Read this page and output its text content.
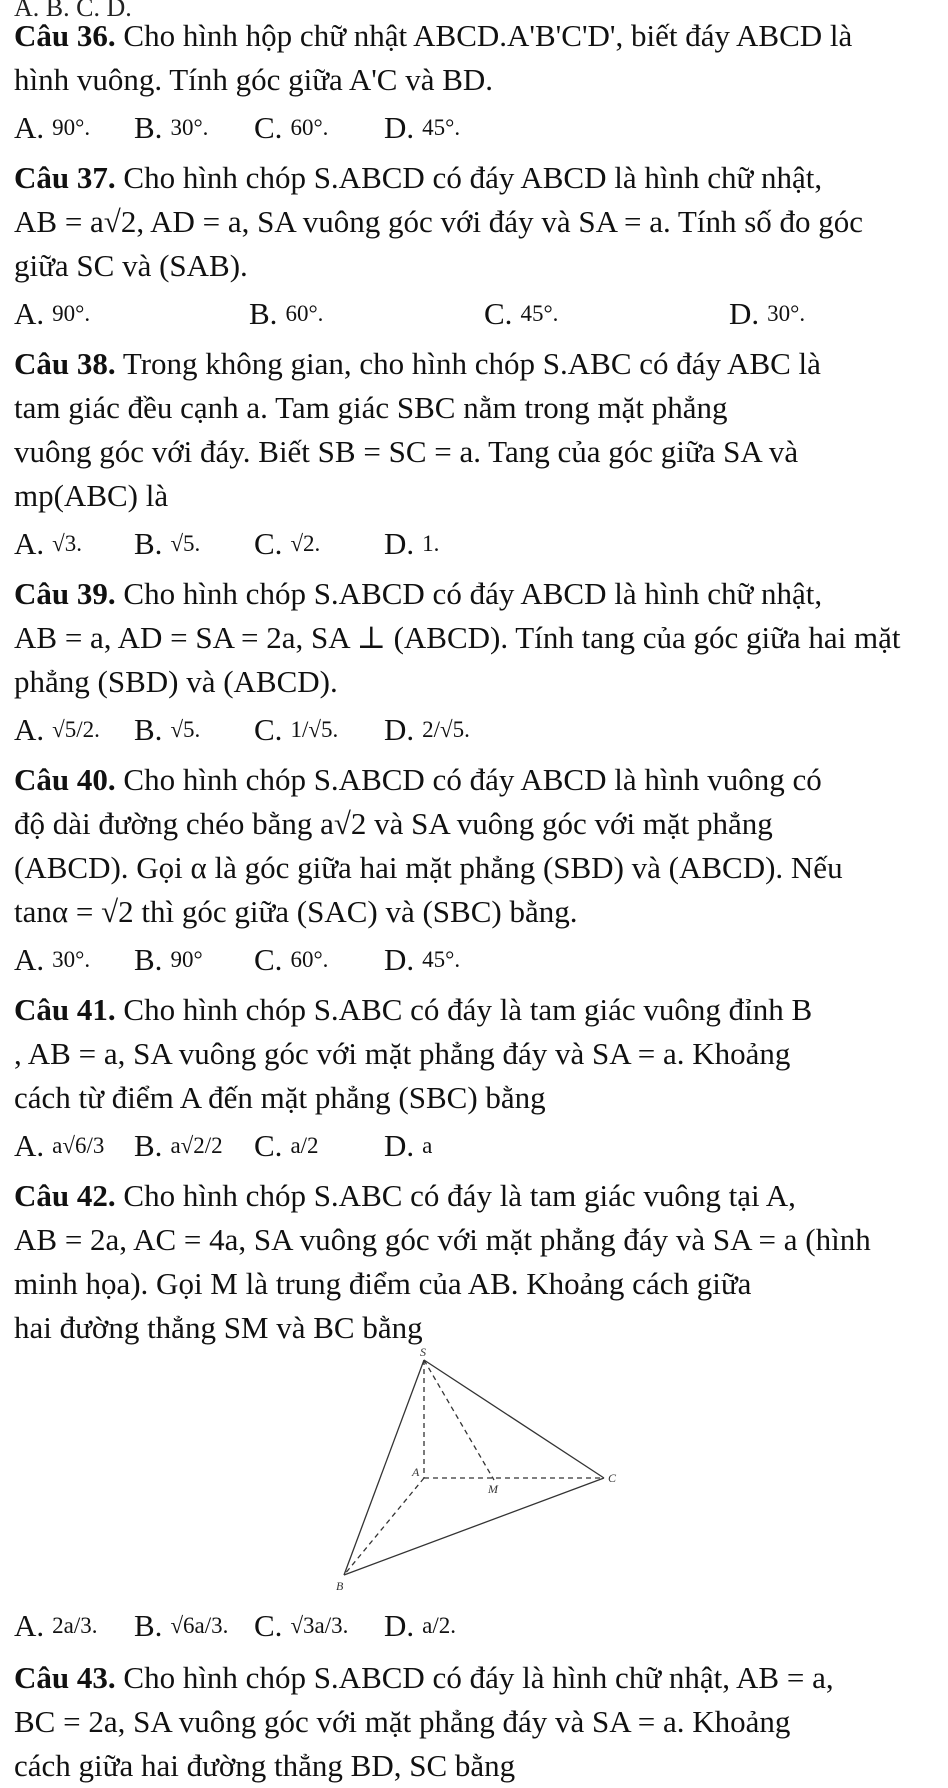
A. B. C. D.
Câu 36. Cho hình hộp chữ nhật ABCD.A'B'C'D', biết đáy ABCD là
hình vuông. Tính góc giữa A'C và BD.
A. 90°. B. 30°. C. 60°. D. 45°.
Câu 37. Cho hình chóp S.ABCD có đáy ABCD là hình chữ nhật,
AB = a√2, AD = a, SA vuông góc với đáy và SA = a. Tính số đo góc
giữa SC và (SAB).
A. 90°.	B. 60°.	C. 45°.	D. 30°.
Câu 38. Trong không gian, cho hình chóp S.ABC có đáy ABC là
tam giác đều cạnh a. Tam giác SBC nằm trong mặt phẳng
vuông góc với đáy. Biết SB = SC = a. Tang của góc giữa SA và
mp(ABC) là
A. √3. B. √5. C. √2. D. 1.
Câu 39. Cho hình chóp S.ABCD có đáy ABCD là hình chữ nhật,
AB = a, AD = SA = 2a, SA ⊥ (ABCD). Tính tang của góc giữa hai mặt
phẳng (SBD) và (ABCD).
A. √5/2. B. √5. C. 1/√5. D. 2/√5.
Câu 40. Cho hình chóp S.ABCD có đáy ABCD là hình vuông có
độ dài đường chéo bằng a√2 và SA vuông góc với mặt phẳng
(ABCD). Gọi α là góc giữa hai mặt phẳng (SBD) và (ABCD). Nếu
tanα = √2 thì góc giữa (SAC) và (SBC) bằng.
A. 30°. B. 90° C. 60°. D. 45°.
Câu 41. Cho hình chóp S.ABC có đáy là tam giác vuông đỉnh B
, AB = a, SA vuông góc với mặt phẳng đáy và SA = a. Khoảng
cách từ điểm A đến mặt phẳng (SBC) bằng
A. a√6/3 B. a√2/2 C. a/2 D. a
Câu 42. Cho hình chóp S.ABC có đáy là tam giác vuông tại A,
AB = 2a, AC = 4a, SA vuông góc với mặt phẳng đáy và SA = a (hình
minh họa). Gọi M là trung điểm của AB. Khoảng cách giữa
hai đường thẳng SM và BC bằng
S
A
M
C
B
A. 2a/3. B. √6a/3. C. √3a/3. D. a/2.
Câu 43. Cho hình chóp S.ABCD có đáy là hình chữ nhật, AB = a,
BC = 2a, SA vuông góc với mặt phẳng đáy và SA = a. Khoảng
cách giữa hai đường thẳng BD, SC bằng
